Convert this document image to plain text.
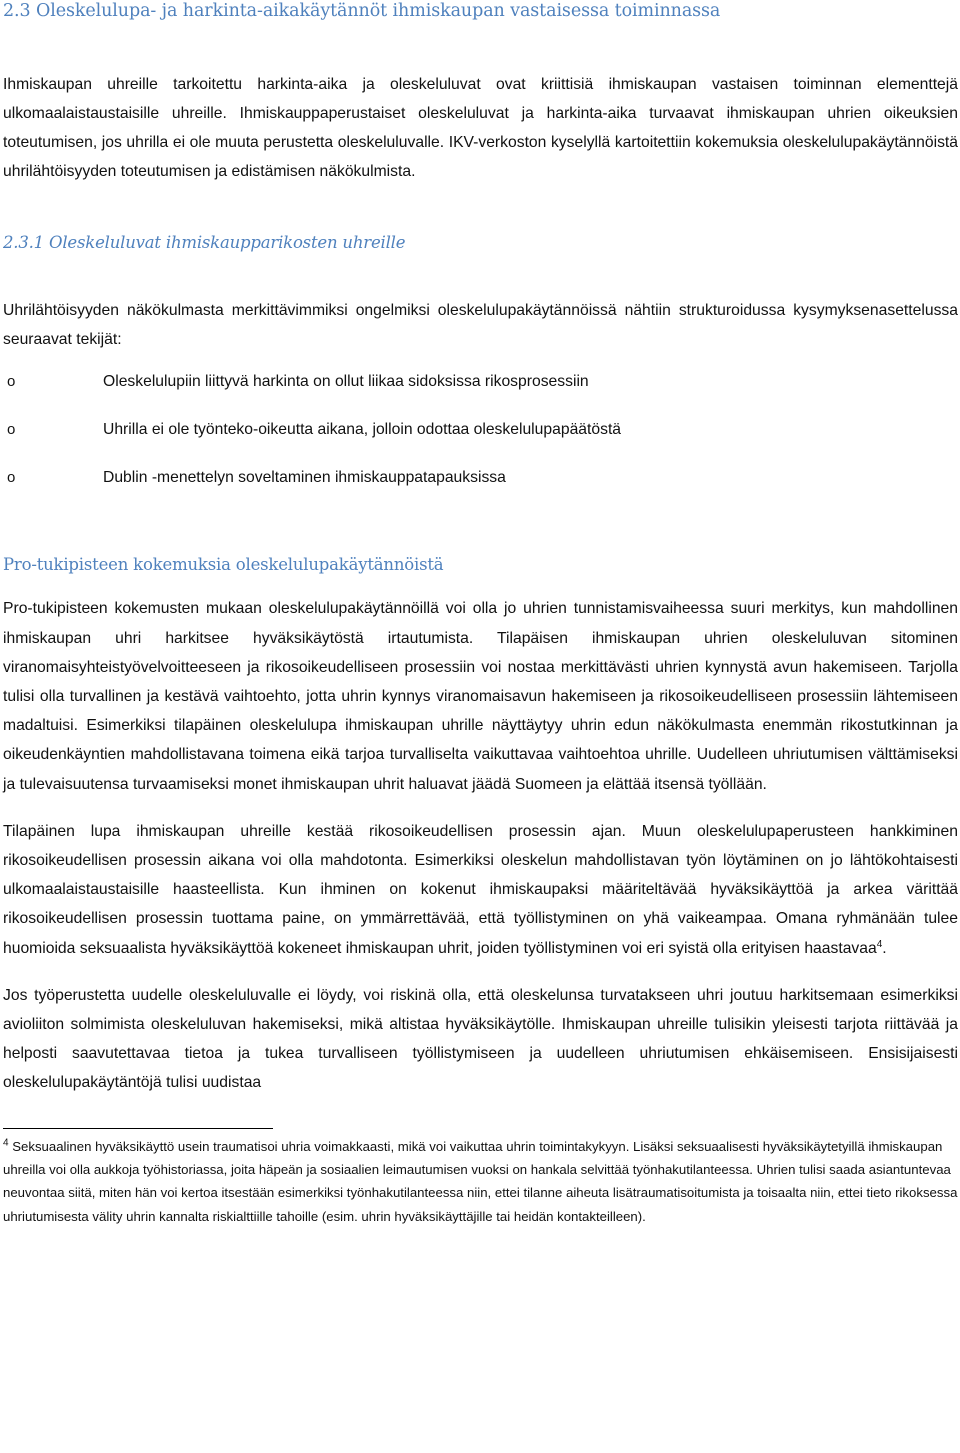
2.3 Oleskelulupa- ja harkinta-aikakäytännöt ihmiskaupan vastaisessa toiminnassa

Ihmiskaupan uhreille tarkoitettu harkinta-aika ja oleskeluluvat ovat kriittisiä ihmiskaupan vastaisen toiminnan elementtejä ulkomaalaistaustaisille uhreille. Ihmiskauppaperustaiset oleskeluluvat ja harkinta-aika turvaavat ihmiskaupan uhrien oikeuksien toteutumisen, jos uhrilla ei ole muuta perustetta oleskeluluvalle. IKV-verkoston kyselyllä kartoitettiin kokemuksia oleskelulupakäytännöistä uhrilähtöisyyden toteutumisen ja edistämisen näkökulmista.

2.3.1 Oleskeluluvat ihmiskaupparikosten uhreille

Uhrilähtöisyyden näkökulmasta merkittävimmiksi ongelmiksi oleskelulupakäytännöissä nähtiin strukturoidussa kysymyksenasettelussa seuraavat tekijät:

o	Oleskelulupiin liittyvä harkinta on ollut liikaa sidoksissa rikosprosessiin
o	Uhrilla ei ole työnteko-oikeutta aikana, jolloin odottaa oleskelulupapäätöstä
o	Dublin -menettelyn soveltaminen ihmiskauppatapauksissa
Pro-tukipisteen kokemuksia oleskelulupakäytännöistä

Pro-tukipisteen kokemusten mukaan oleskelulupakäytännöillä voi olla jo uhrien tunnistamisvaiheessa suuri merkitys, kun mahdollinen ihmiskaupan uhri harkitsee hyväksikäytöstä irtautumista. Tilapäisen ihmiskaupan uhrien oleskeluluvan sitominen viranomaisyhteistyövelvoitteeseen ja rikosoikeudelliseen prosessiin voi nostaa merkittävästi uhrien kynnystä avun hakemiseen. Tarjolla tulisi olla turvallinen ja kestävä vaihtoehto, jotta uhrin kynnys viranomaisavun hakemiseen ja rikosoikeudelliseen prosessiin lähtemiseen madaltuisi. Esimerkiksi tilapäinen oleskelulupa ihmiskaupan uhrille näyttäytyy uhrin edun näkökulmasta enemmän rikostutkinnan ja oikeudenkäyntien mahdollistavana toimena eikä tarjoa turvalliselta vaikuttavaa vaihtoehtoa uhrille. Uudelleen uhriutumisen välttämiseksi ja tulevaisuutensa turvaamiseksi monet ihmiskaupan uhrit haluavat jäädä Suomeen ja elättää itsensä työllään.

Tilapäinen lupa ihmiskaupan uhreille kestää rikosoikeudellisen prosessin ajan. Muun oleskelulupaperusteen hankkiminen rikosoikeudellisen prosessin aikana voi olla mahdotonta. Esimerkiksi oleskelun mahdollistavan työn löytäminen on jo lähtökohtaisesti ulkomaalaistaustaisille haasteellista. Kun ihminen on kokenut ihmiskaupaksi määriteltävää hyväksikäyttöä ja arkea värittää rikosoikeudellisen prosessin tuottama paine, on ymmärrettävää, että työllistyminen on yhä vaikeampaa. Omana ryhmänään tulee huomioida seksuaalista hyväksikäyttöä kokeneet ihmiskaupan uhrit, joiden työllistyminen voi eri syistä olla erityisen haastavaa$^4$.

Jos työperustetta uudelle oleskeluluvalle ei löydy, voi riskinä olla, että oleskelunsa turvatakseen uhri joutuu harkitsemaan esimerkiksi avioliiton solmimista oleskeluluvan hakemiseksi, mikä altistaa hyväksikäytölle. Ihmiskaupan uhreille tulisikin yleisesti tarjota riittävää ja helposti saavutettavaa tietoa ja tukea turvalliseen työllistymiseen ja uudelleen uhriutumisen ehkäisemiseen. Ensisijaisesti oleskelulupakäytäntöjä tulisi uudistaa

$^4$ Seksuaalinen hyväksikäyttö usein traumatisoi uhria voimakkaasti, mikä voi vaikuttaa uhrin toimintakykyyn. Lisäksi seksuaalisesti hyväksikäytetyillä ihmiskaupan uhreilla voi olla aukkoja työhistoriassa, joita häpeän ja sosiaalien leimautumisen vuoksi on hankala selvittää työnhakutilanteessa. Uhrien tulisi saada asiantuntevaa neuvontaa siitä, miten hän voi kertoa itsestään esimerkiksi työnhakutilanteessa niin, ettei tilanne aiheuta lisätraumatisoitumista ja toisaalta niin, ettei tieto rikoksessa uhriutumisesta välity uhrin kannalta riskialttiille tahoille (esim. uhrin hyväksikäyttäjille tai heidän kontakteilleen).
